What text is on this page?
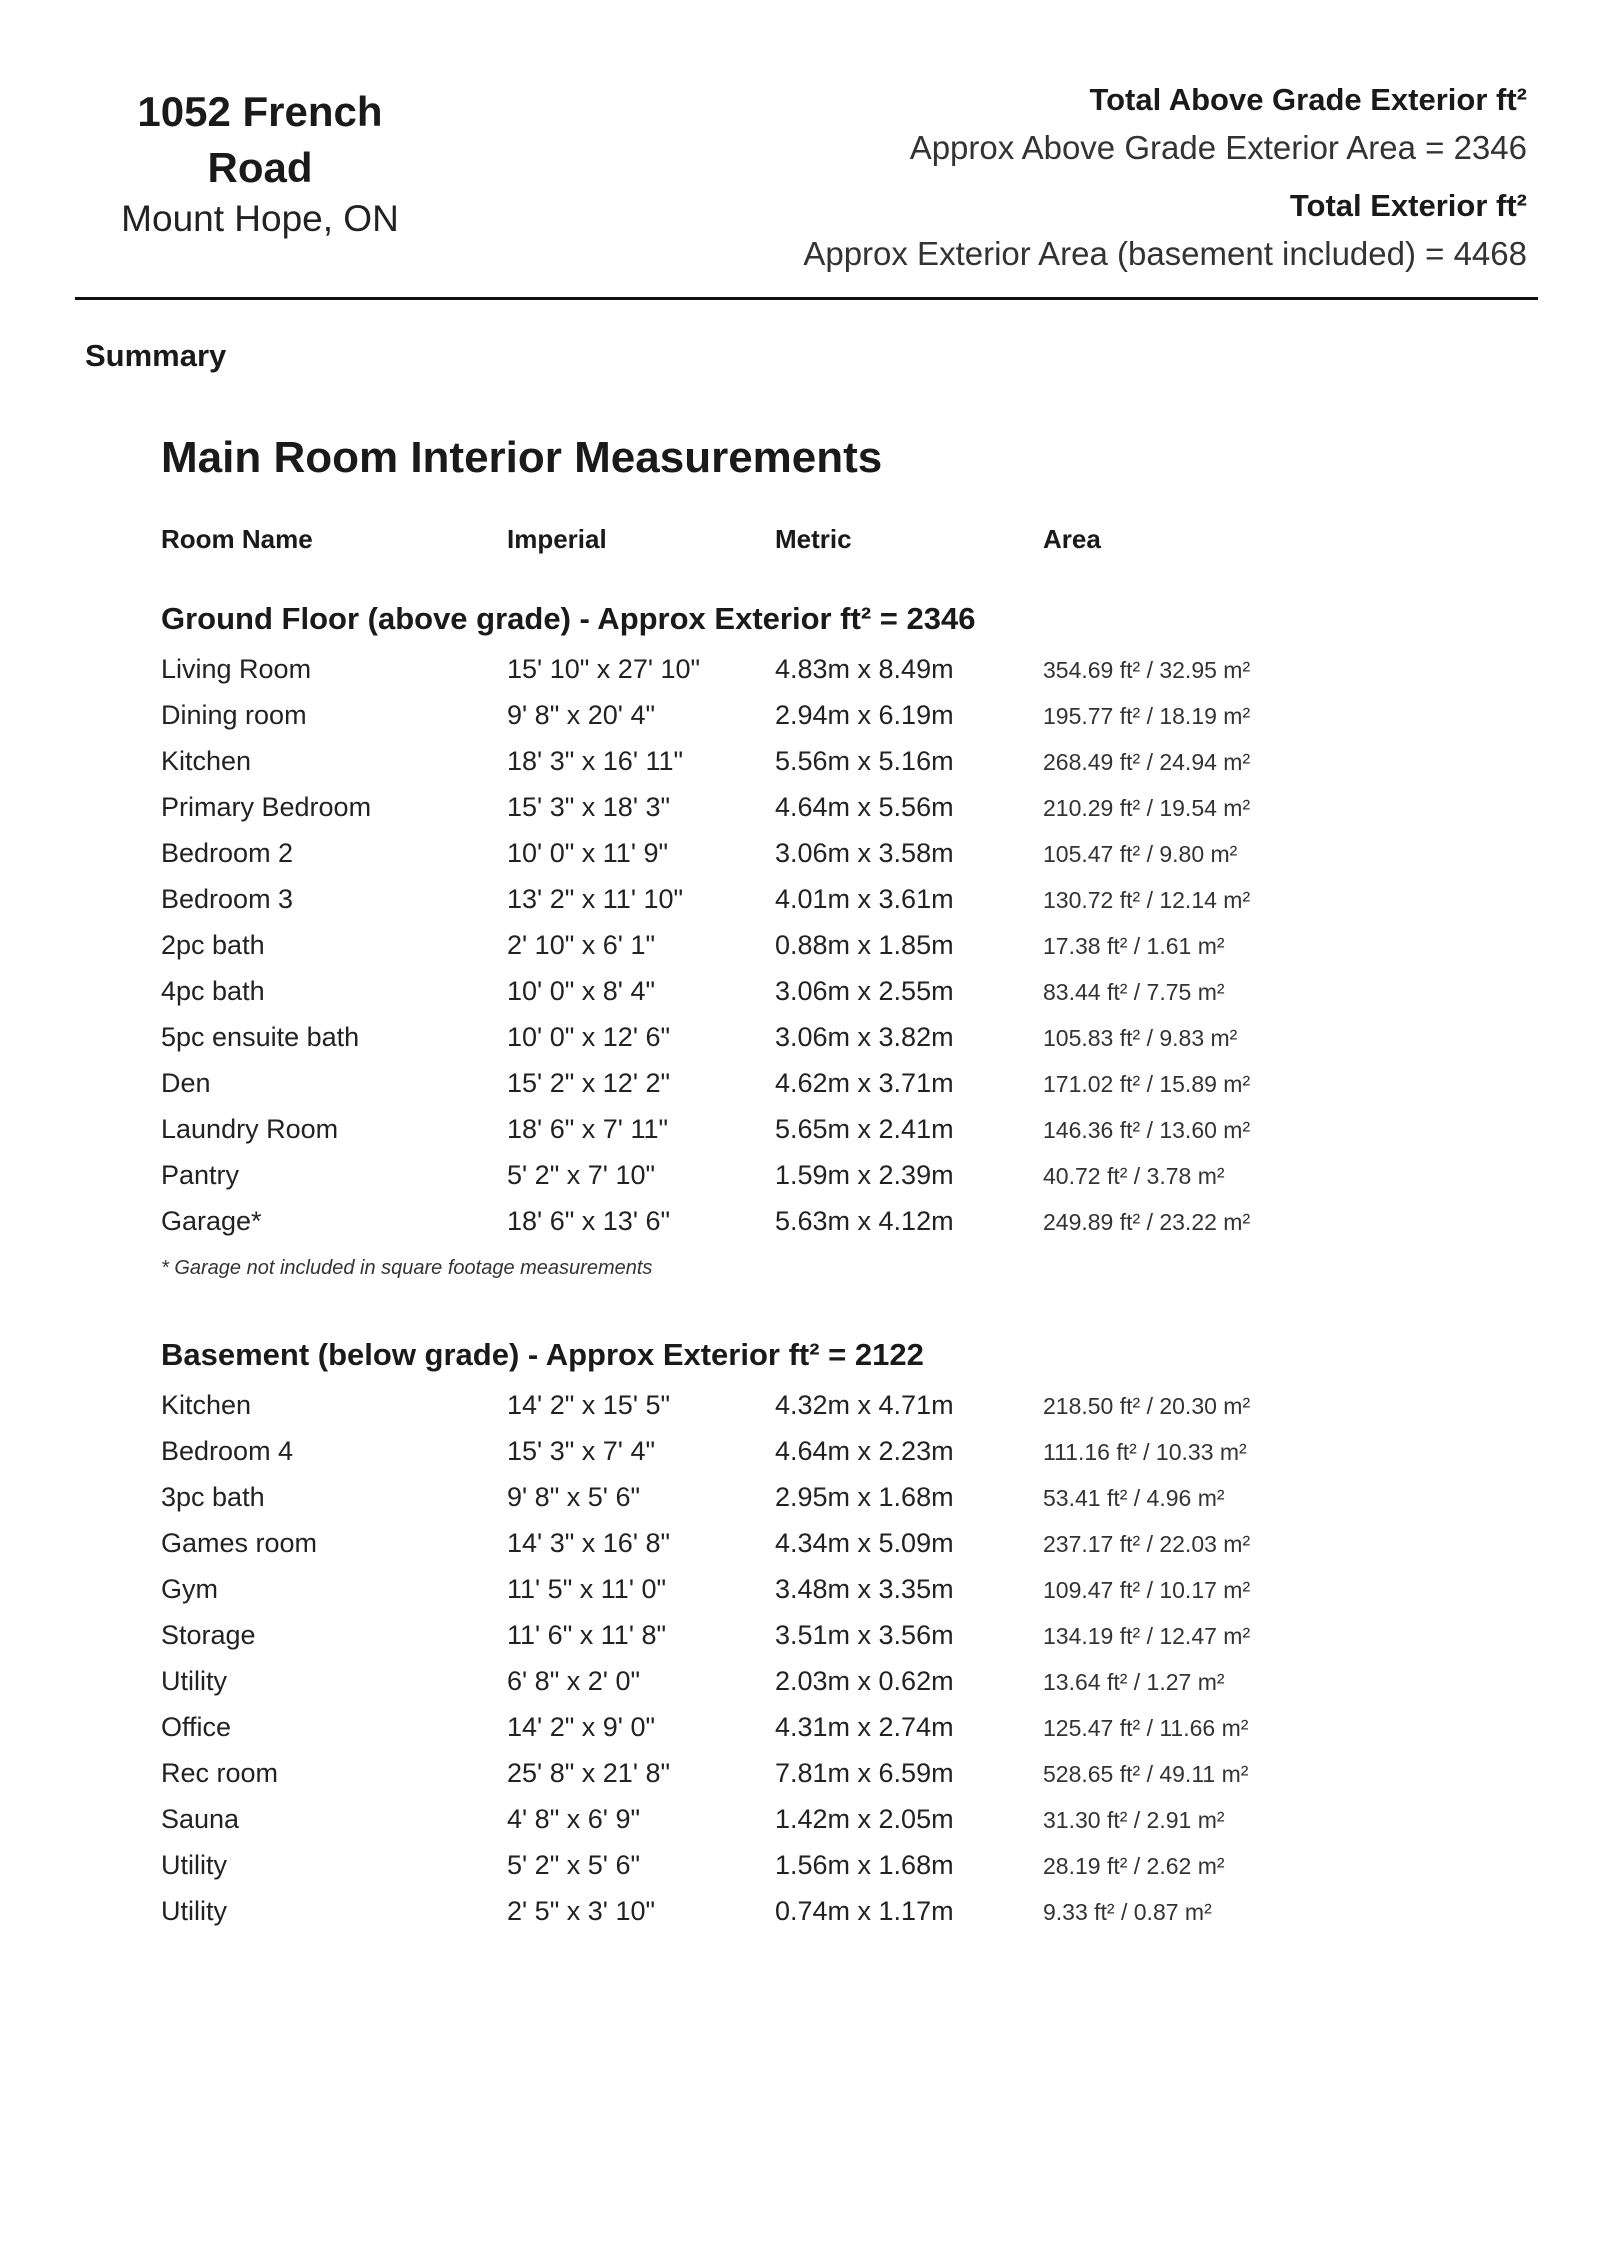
1052 French Road
Mount Hope, ON
Total Above Grade Exterior ft²
Approx Above Grade Exterior Area = 2346
Total Exterior ft²
Approx Exterior Area (basement included) = 4468
Summary
Main Room Interior Measurements
Room Name	Imperial	Metric	Area
Ground Floor (above grade) - Approx Exterior ft² = 2346
Living Room	15' 10" x 27' 10"	4.83m x 8.49m	354.69 ft² / 32.95 m²
Dining room	9' 8" x 20' 4"	2.94m x 6.19m	195.77 ft² / 18.19 m²
Kitchen	18' 3" x 16' 11"	5.56m x 5.16m	268.49 ft² / 24.94 m²
Primary Bedroom	15' 3" x 18' 3"	4.64m x 5.56m	210.29 ft² / 19.54 m²
Bedroom 2	10' 0" x 11' 9"	3.06m x 3.58m	105.47 ft² / 9.80 m²
Bedroom 3	13' 2" x 11' 10"	4.01m x 3.61m	130.72 ft² / 12.14 m²
2pc bath	2' 10" x 6' 1"	0.88m x 1.85m	17.38 ft² / 1.61 m²
4pc bath	10' 0" x 8' 4"	3.06m x 2.55m	83.44 ft² / 7.75 m²
5pc ensuite bath	10' 0" x 12' 6"	3.06m x 3.82m	105.83 ft² / 9.83 m²
Den	15' 2" x 12' 2"	4.62m x 3.71m	171.02 ft² / 15.89 m²
Laundry Room	18' 6" x 7' 11"	5.65m x 2.41m	146.36 ft² / 13.60 m²
Pantry	5' 2" x 7' 10"	1.59m x 2.39m	40.72 ft² / 3.78 m²
Garage*	18' 6" x 13' 6"	5.63m x 4.12m	249.89 ft² / 23.22 m²
* Garage not included in square footage measurements
Basement (below grade) - Approx Exterior ft² = 2122
Kitchen	14' 2" x 15' 5"	4.32m x 4.71m	218.50 ft² / 20.30 m²
Bedroom 4	15' 3" x 7' 4"	4.64m x 2.23m	111.16 ft² / 10.33 m²
3pc bath	9' 8" x 5' 6"	2.95m x 1.68m	53.41 ft² / 4.96 m²
Games room	14' 3" x 16' 8"	4.34m x 5.09m	237.17 ft² / 22.03 m²
Gym	11' 5" x 11' 0"	3.48m x 3.35m	109.47 ft² / 10.17 m²
Storage	11' 6" x 11' 8"	3.51m x 3.56m	134.19 ft² / 12.47 m²
Utility	6' 8" x 2' 0"	2.03m x 0.62m	13.64 ft² / 1.27 m²
Office	14' 2" x 9' 0"	4.31m x 2.74m	125.47 ft² / 11.66 m²
Rec room	25' 8" x 21' 8"	7.81m x 6.59m	528.65 ft² / 49.11 m²
Sauna	4' 8" x 6' 9"	1.42m x 2.05m	31.30 ft² / 2.91 m²
Utility	5' 2" x 5' 6"	1.56m x 1.68m	28.19 ft² / 2.62 m²
Utility	2' 5" x 3' 10"	0.74m x 1.17m	9.33 ft² / 0.87 m²
